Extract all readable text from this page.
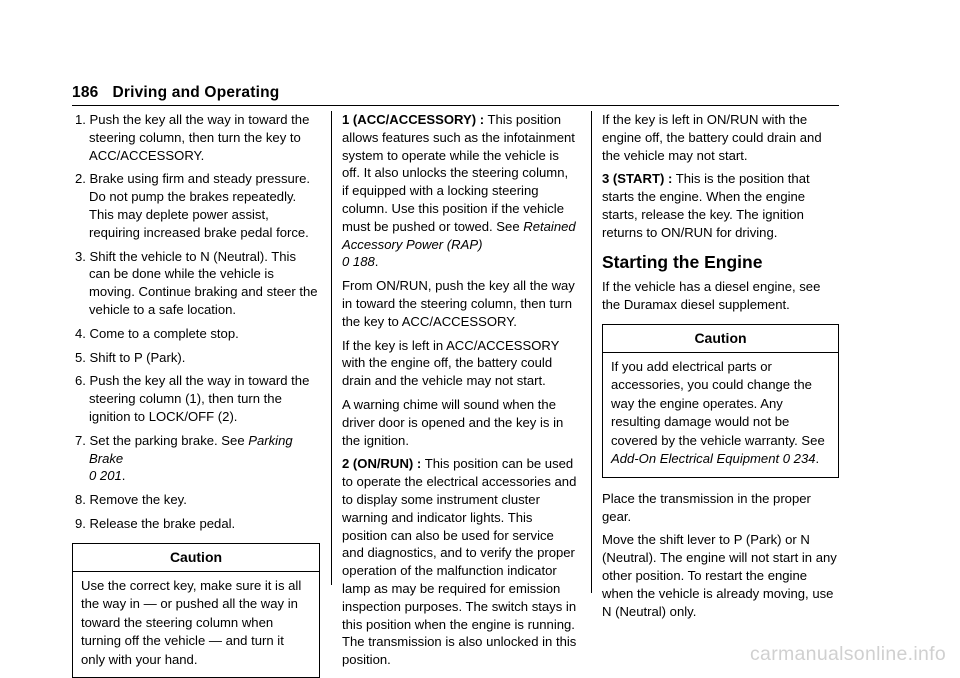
186 Driving and Operating
1. Push the key all the way in toward the steering column, then turn the key to ACC/ACCESSORY.
2. Brake using firm and steady pressure. Do not pump the brakes repeatedly. This may deplete power assist, requiring increased brake pedal force.
3. Shift the vehicle to N (Neutral). This can be done while the vehicle is moving. Continue braking and steer the vehicle to a safe location.
4. Come to a complete stop.
5. Shift to P (Park).
6. Push the key all the way in toward the steering column (1), then turn the ignition to LOCK/OFF (2).
7. Set the parking brake. See Parking Brake
0 201.
8. Remove the key.
9. Release the brake pedal.
Caution
Use the correct key, make sure it is all the way in — or pushed all the way in toward the steering column when turning off the vehicle — and turn it only with your hand.

1 (ACC/ACCESSORY) : This position allows features such as the infotainment system to operate while the vehicle is off. It also unlocks the steering column, if equipped with a locking steering column. Use this position if the vehicle must be pushed or towed. See Retained Accessory Power (RAP)
0 188.

From ON/RUN, push the key all the way in toward the steering column, then turn the key to ACC/ACCESSORY.

If the key is left in ACC/ACCESSORY with the engine off, the battery could drain and the vehicle may not start.

A warning chime will sound when the driver door is opened and the key is in the ignition.

2 (ON/RUN) : This position can be used to operate the electrical accessories and to display some instrument cluster warning and indicator lights. This position can also be used for service and diagnostics, and to verify the proper operation of the malfunction indicator lamp as may be required for emission inspection purposes. The switch stays in this position when the engine is running. The transmission is also unlocked in this position.

If the key is left in ON/RUN with the engine off, the battery could drain and the vehicle may not start.

3 (START) : This is the position that starts the engine. When the engine starts, release the key. The ignition returns to ON/RUN for driving.

Starting the Engine

If the vehicle has a diesel engine, see the Duramax diesel supplement.

Caution
If you add electrical parts or accessories, you could change the way the engine operates. Any resulting damage would not be covered by the vehicle warranty. See Add-On Electrical Equipment 0 234.

Place the transmission in the proper gear.

Move the shift lever to P (Park) or N (Neutral). The engine will not start in any other position. To restart the engine when the vehicle is already moving, use N (Neutral) only.

carmanualsonline.info
